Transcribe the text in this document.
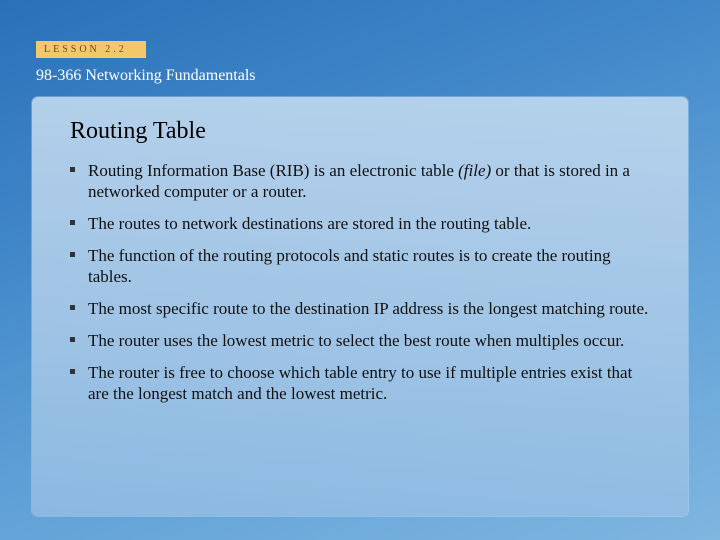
LESSON 2.2
98-366 Networking Fundamentals
Routing Table
Routing Information Base (RIB) is an electronic table (file) or that is stored in a networked computer or a router.
The routes to network destinations are stored in the routing table.
The function of the routing protocols and static routes is to create the routing tables.
The most specific route to the destination IP address is the longest matching route.
The router uses the lowest metric to select the best route when multiples occur.
The router is free to choose which table entry to use if multiple entries exist that are the longest match and the lowest metric.
